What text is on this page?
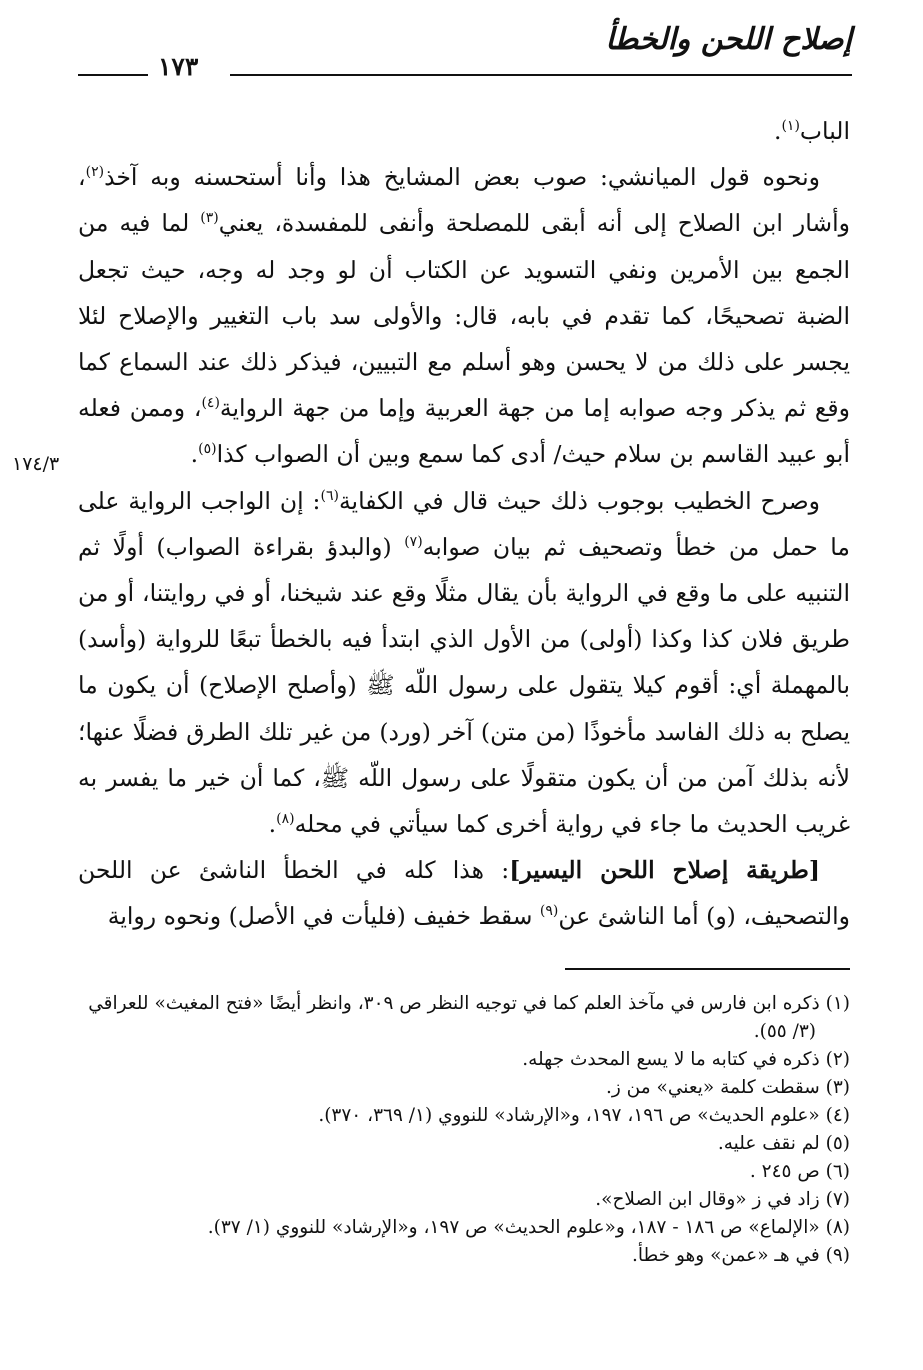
إصلاح اللحن والخطأ
١٧٣
١٧٤/٣

الباب$^{(١)}$.

ونحوه قول الميانشي: صوب بعض المشايخ هذا وأنا أستحسنه وبه آخذ$^{(٢)}$، وأشار ابن الصلاح إلى أنه أبقى للمصلحة وأنفى للمفسدة، يعني$^{(٣)}$ لما فيه من الجمع بين الأمرين ونفي التسويد عن الكتاب أن لو وجد له وجه، حيث تجعل الضبة تصحيحًا، كما تقدم في بابه، قال: والأولى سد باب التغيير والإصلاح لئلا يجسر على ذلك من لا يحسن وهو أسلم مع التبيين، فيذكر ذلك عند السماع كما وقع ثم يذكر وجه صوابه إما من جهة العربية وإما من جهة الرواية$^{(٤)}$، وممن فعله أبو عبيد القاسم بن سلام حيث/ أدى كما سمع وبين أن الصواب كذا$^{(٥)}$.

وصرح الخطيب بوجوب ذلك حيث قال في الكفاية$^{(٦)}$: إن الواجب الرواية على ما حمل من خطأ وتصحيف ثم بيان صوابه$^{(٧)}$ (والبدؤ بقراءة الصواب) أولًا ثم التنبيه على ما وقع في الرواية بأن يقال مثلًا وقع عند شيخنا، أو في روايتنا، أو من طريق فلان كذا وكذا (أولى) من الأول الذي ابتدأ فيه بالخطأ تبعًا للرواية (وأسد) بالمهملة أي: أقوم كيلا يتقول على رسول اللّه ﷺ (وأصلح الإصلاح) أن يكون ما يصلح به ذلك الفاسد مأخوذًا (من متن) آخر (ورد) من غير تلك الطرق فضلًا عنها؛ لأنه بذلك آمن من أن يكون متقولًا على رسول اللّه ﷺ، كما أن خير ما يفسر به غريب الحديث ما جاء في رواية أخرى كما سيأتي في محله$^{(٨)}$.

[طريقة إصلاح اللحن اليسير]: هذا كله في الخطأ الناشئ عن اللحن والتصحيف، (و) أما الناشئ عن$^{(٩)}$ سقط خفيف (فليأت في الأصل) ونحوه رواية

(١) ذكره ابن فارس في مآخذ العلم كما في توجيه النظر ص ٣٠٩، وانظر أيضًا «فتح المغيث» للعراقي (٣/ ٥٥).

(٢) ذكره في كتابه ما لا يسع المحدث جهله.

(٣) سقطت كلمة «يعني» من ز.

(٤) «علوم الحديث» ص ١٩٦، ١٩٧، و«الإرشاد» للنووي (١/ ٣٦٩، ٣٧٠).

(٥) لم نقف عليه.

(٦) ص ٢٤٥ .

(٧) زاد في ز «وقال ابن الصلاح».

(٨) «الإلماع» ص ١٨٦ - ١٨٧، و«علوم الحديث» ص ١٩٧، و«الإرشاد» للنووي (١/ ٣٧).

(٩) في هـ «عمن» وهو خطأ.
